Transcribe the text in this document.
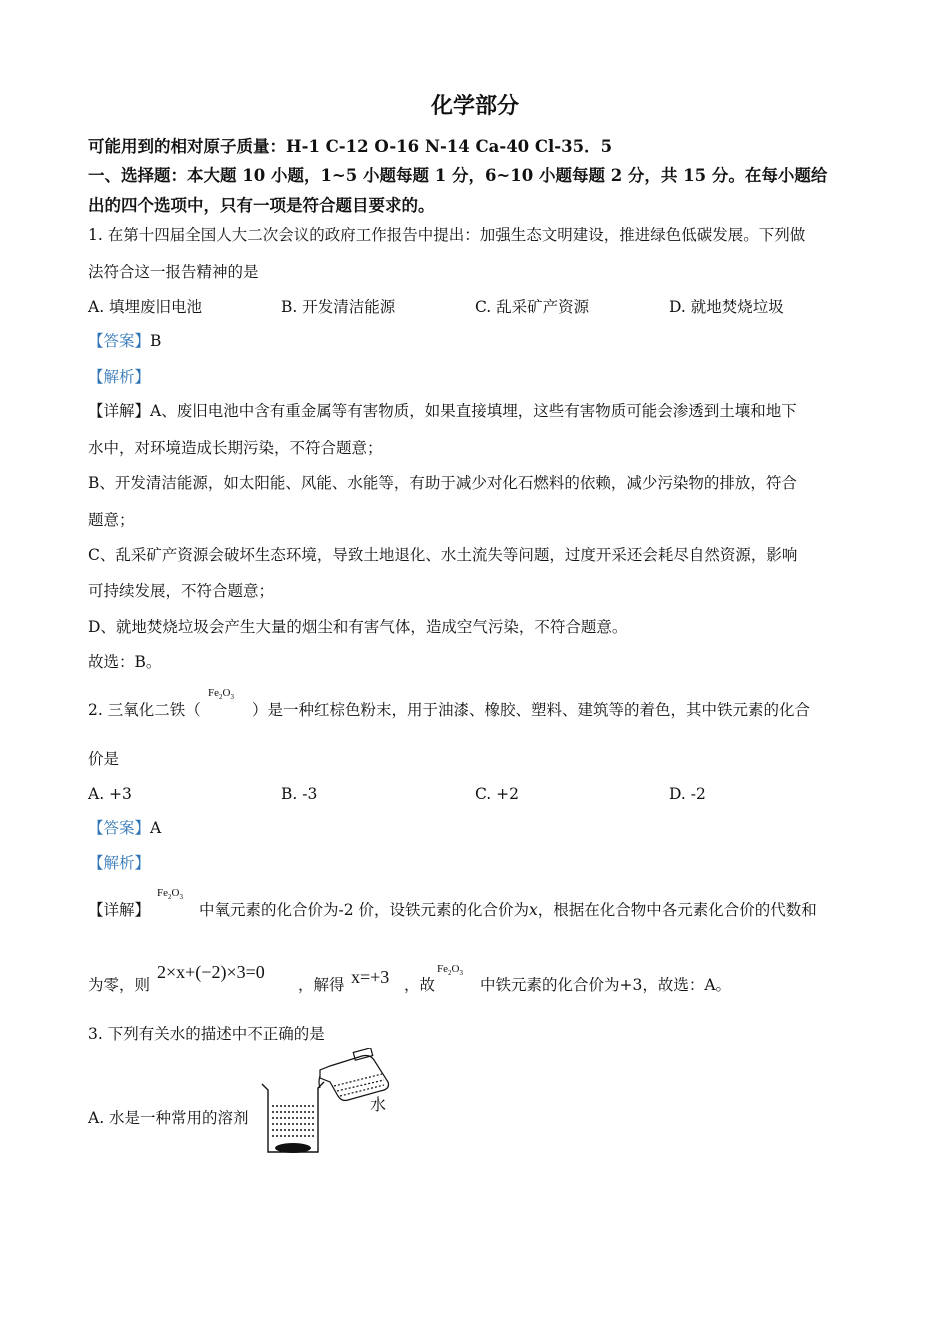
化学部分
可能用到的相对原子质量：H-1 C-12 O-16 N-14 Ca-40 Cl-35．5
一、选择题：本大题 10 小题，1~5 小题每题 1 分，6~10 小题每题 2 分，共 15 分。在每小题给
出的四个选项中，只有一项是符合题目要求的。
1. 在第十四届全国人大二次会议的政府工作报告中提出：加强生态文明建设，推进绿色低碳发展。下列做
法符合这一报告精神的是
A. 填埋废旧电池	B. 开发清洁能源	C. 乱采矿产资源	D. 就地焚烧垃圾
【答案】B
【解析】
【详解】A、废旧电池中含有重金属等有害物质，如果直接填埋，这些有害物质可能会渗透到土壤和地下
水中，对环境造成长期污染，不符合题意；
B、开发清洁能源，如太阳能、风能、水能等，有助于减少对化石燃料的依赖，减少污染物的排放，符合
题意；
C、乱采矿产资源会破坏生态环境，导致土地退化、水土流失等问题，过度开采还会耗尽自然资源，影响
可持续发展，不符合题意；
D、就地焚烧垃圾会产生大量的烟尘和有害气体，造成空气污染，不符合题意。
故选：B。
2. 三氧化二铁（
$Fe_2O_3$
）是一种红棕色粉末，用于油漆、橡胶、塑料、建筑等的着色，其中铁元素的化合
价是
A. +3	B. -3	C. +2	D. -2
【答案】A
【解析】
【详解】
$Fe_2O_3$
中氧元素的化合价为-2 价，设铁元素的化合价为x，根据在化合物中各元素化合价的代数和
为零，则
2×x+(−2)×3=0
，解得 x=+3 ，故
$Fe_2O_3$
中铁元素的化合价为+3，故选：A。
3. 下列有关水的描述中不正确的是
A. 水是一种常用的溶剂
水
